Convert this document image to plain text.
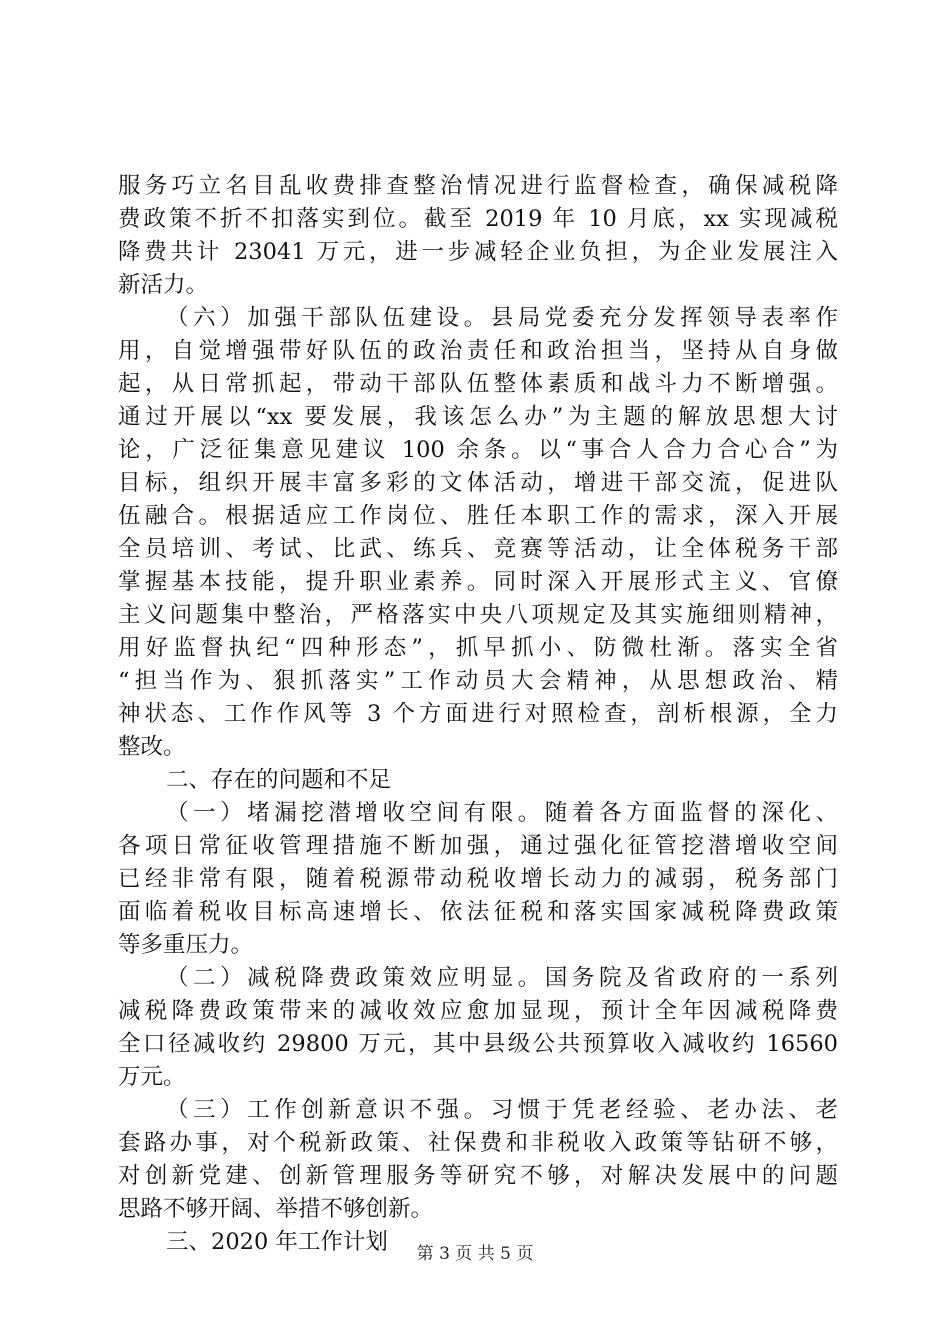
服务巧立名目乱收费排查整治情况进行监督检查，确保减税降
费政策不折不扣落实到位。截至 2019 年 10 月底，xx 实现减税
降费共计 23041 万元，进一步减轻企业负担，为企业发展注入
新活力。
（六）加强干部队伍建设。县局党委充分发挥领导表率作
用，自觉增强带好队伍的政治责任和政治担当，坚持从自身做
起，从日常抓起，带动干部队伍整体素质和战斗力不断增强。
通过开展以“xx 要发展，我该怎么办”为主题的解放思想大讨
论，广泛征集意见建议 100 余条。以“事合人合力合心合”为
目标，组织开展丰富多彩的文体活动，增进干部交流，促进队
伍融合。根据适应工作岗位、胜任本职工作的需求，深入开展
全员培训、考试、比武、练兵、竞赛等活动，让全体税务干部
掌握基本技能，提升职业素养。同时深入开展形式主义、官僚
主义问题集中整治，严格落实中央八项规定及其实施细则精神，
用好监督执纪“四种形态”，抓早抓小、防微杜渐。落实全省
“担当作为、狠抓落实”工作动员大会精神，从思想政治、精
神状态、工作作风等 3 个方面进行对照检查，剖析根源，全力
整改。
二、存在的问题和不足
（一）堵漏挖潜增收空间有限。随着各方面监督的深化、
各项日常征收管理措施不断加强，通过强化征管挖潜增收空间
已经非常有限，随着税源带动税收增长动力的减弱，税务部门
面临着税收目标高速增长、依法征税和落实国家减税降费政策
等多重压力。
（二）减税降费政策效应明显。国务院及省政府的一系列
减税降费政策带来的减收效应愈加显现，预计全年因减税降费
全口径减收约 29800 万元，其中县级公共预算收入减收约 16560
万元。
（三）工作创新意识不强。习惯于凭老经验、老办法、老
套路办事，对个税新政策、社保费和非税收入政策等钻研不够，
对创新党建、创新管理服务等研究不够，对解决发展中的问题
思路不够开阔、举措不够创新。
三、2020 年工作计划	第 3 页 共 5 页
